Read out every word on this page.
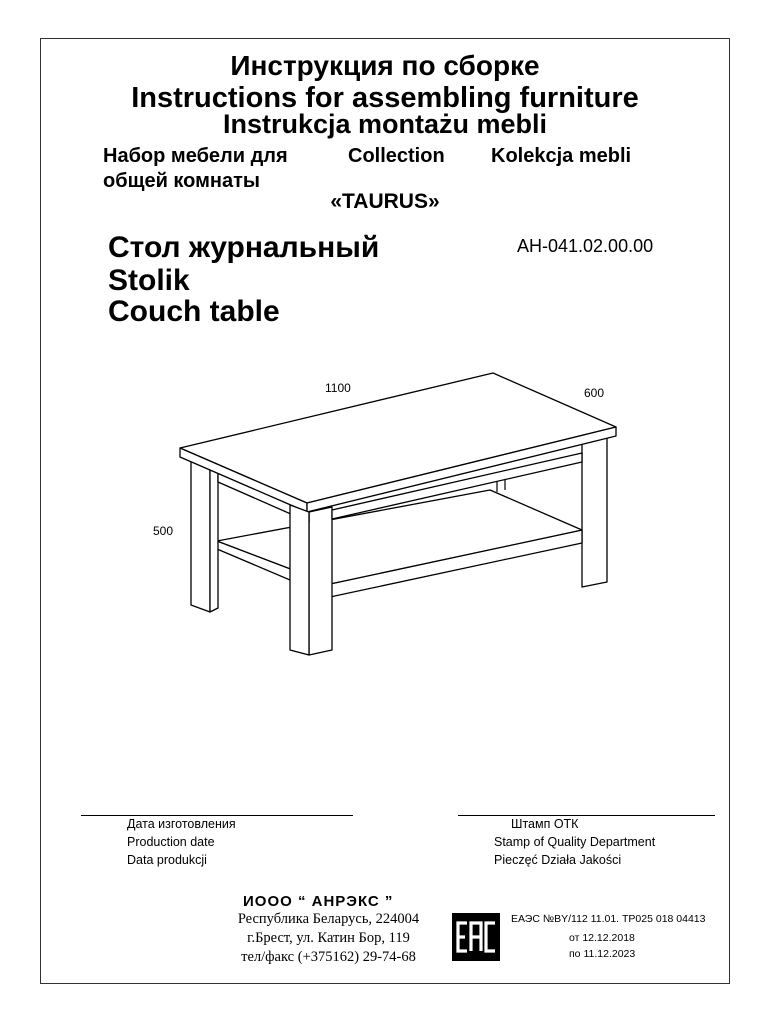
Инструкция по сборке
Instructions for assembling furniture
Instrukcja montażu mebli
Набор мебели для	Collection Kolekcja mebli
общей комнаты
«TAURUS»
Стол журнальный
Stolik
Couch table
АН-041.02.00.00
1100	600
500
Дата изготовления
Production date
Data produkcji
Штамп ОТК
Stamp of Quality Department
Pieczęć Działa Jakości
ИООО “ АНРЭКС ”
Республика Беларусь, 224004
г.Брест, ул. Катин Бор, 119
тел/факс (+375162) 29-74-68
ЕАЭС №BY/112 11.01. ТР025 018 04413
от 12.12.2018
по 11.12.2023
